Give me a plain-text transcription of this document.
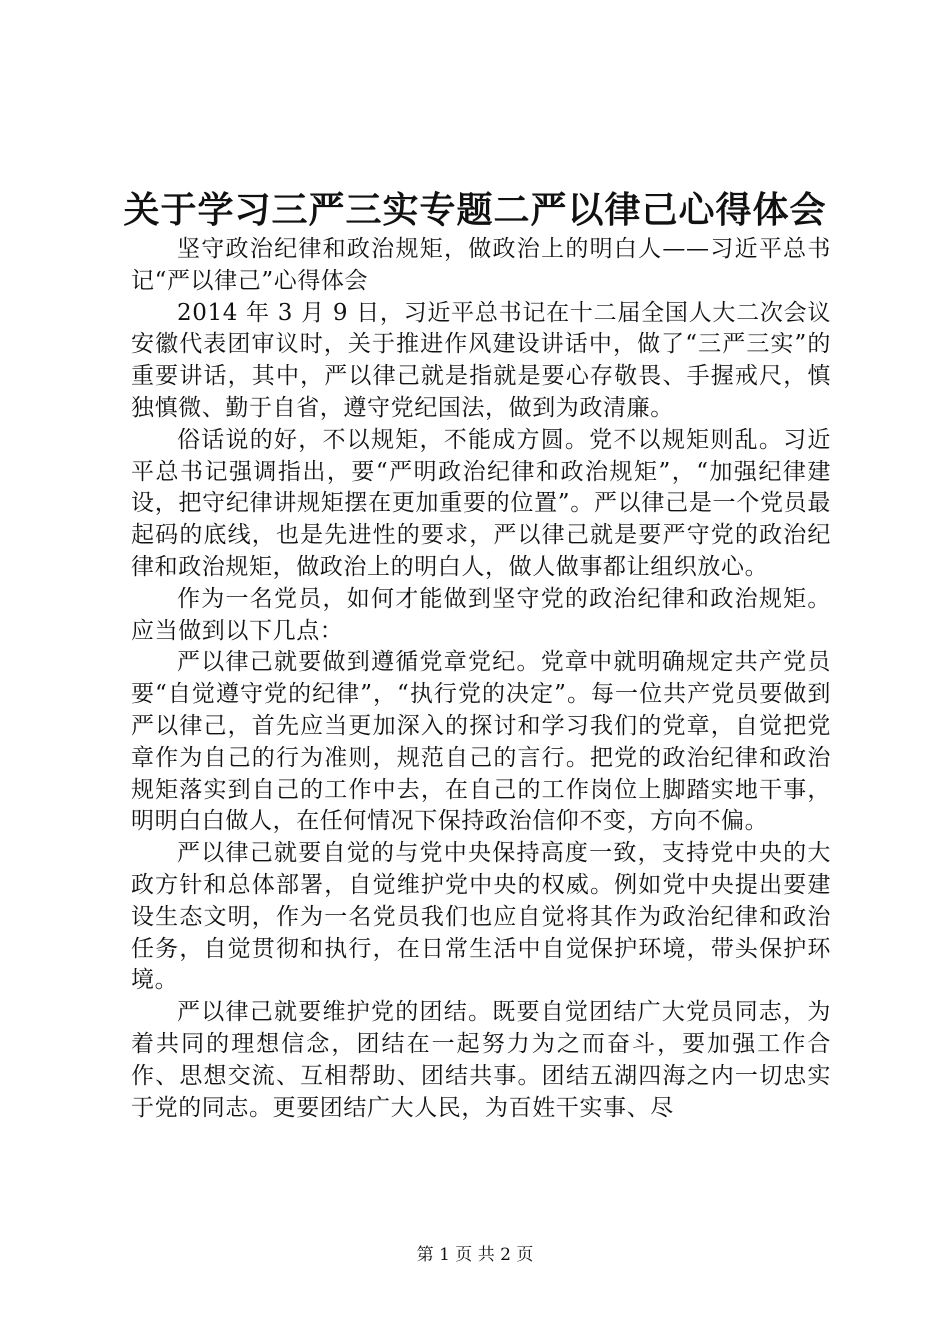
关于学习三严三实专题二严以律己心得体会

坚守政治纪律和政治规矩，做政治上的明白人——习近平总书记“严以律己”心得体会

2014 年 3 月 9 日，习近平总书记在十二届全国人大二次会议安徽代表团审议时，关于推进作风建设讲话中，做了“三严三实”的重要讲话，其中，严以律己就是指就是要心存敬畏、手握戒尺，慎独慎微、勤于自省，遵守党纪国法，做到为政清廉。

俗话说的好，不以规矩，不能成方圆。党不以规矩则乱。习近平总书记强调指出，要“严明政治纪律和政治规矩”，“加强纪律建设，把守纪律讲规矩摆在更加重要的位置”。严以律己是一个党员最起码的底线，也是先进性的要求，严以律己就是要严守党的政治纪律和政治规矩，做政治上的明白人，做人做事都让组织放心。

作为一名党员，如何才能做到坚守党的政治纪律和政治规矩。应当做到以下几点：

严以律己就要做到遵循党章党纪。党章中就明确规定共产党员要“自觉遵守党的纪律”，“执行党的决定”。每一位共产党员要做到严以律己，首先应当更加深入的探讨和学习我们的党章，自觉把党章作为自己的行为准则，规范自己的言行。把党的政治纪律和政治规矩落实到自己的工作中去，在自己的工作岗位上脚踏实地干事，明明白白做人，在任何情况下保持政治信仰不变，方向不偏。

严以律己就要自觉的与党中央保持高度一致，支持党中央的大政方针和总体部署，自觉维护党中央的权威。例如党中央提出要建设生态文明，作为一名党员我们也应自觉将其作为政治纪律和政治任务，自觉贯彻和执行，在日常生活中自觉保护环境，带头保护环境。

严以律己就要维护党的团结。既要自觉团结广大党员同志，为着共同的理想信念，团结在一起努力为之而奋斗，要加强工作合作、思想交流、互相帮助、团结共事。团结五湖四海之内一切忠实于党的同志。更要团结广大人民，为百姓干实事、尽

第 1 页 共 2 页
